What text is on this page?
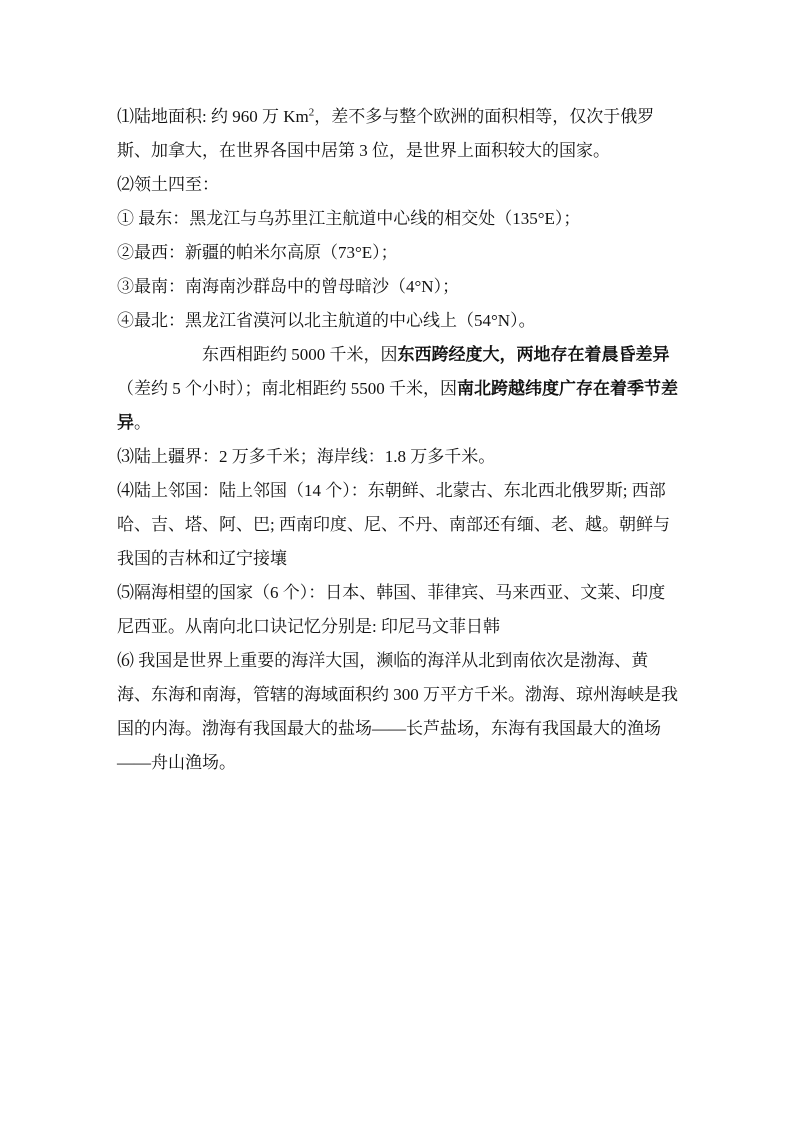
⑴陆地面积: 约 960 万 Km$^2$，差不多与整个欧洲的面积相等，仅次于俄罗斯、加拿大，在世界各国中居第 3 位，是世界上面积较大的国家。

⑵领土四至：

① 最东：黑龙江与乌苏里江主航道中心线的相交处（135°E）；

②最西：新疆的帕米尔高原（73°E）；

③最南：南海南沙群岛中的曾母暗沙（4°N）；

④最北：黑龙江省漠河以北主航道的中心线上（54°N）。

东西相距约 5000 千米，因东西跨经度大，两地存在着晨昏差异（差约 5 个小时）；南北相距约 5500 千米，因南北跨越纬度广存在着季节差异。

⑶陆上疆界：2 万多千米；海岸线：1.8 万多千米。

⑷陆上邻国：陆上邻国（14 个）：东朝鲜、北蒙古、东北西北俄罗斯; 西部哈、吉、塔、阿、巴; 西南印度、尼、不丹、南部还有缅、老、越。朝鲜与我国的吉林和辽宁接壤

⑸隔海相望的国家（6 个）：日本、韩国、菲律宾、马来西亚、文莱、印度尼西亚。从南向北口诀记忆分别是: 印尼马文菲日韩

⑹ 我国是世界上重要的海洋大国，濒临的海洋从北到南依次是渤海、黄海、东海和南海，管辖的海域面积约 300 万平方千米。渤海、琼州海峡是我国的内海。渤海有我国最大的盐场——长芦盐场，东海有我国最大的渔场——舟山渔场。
